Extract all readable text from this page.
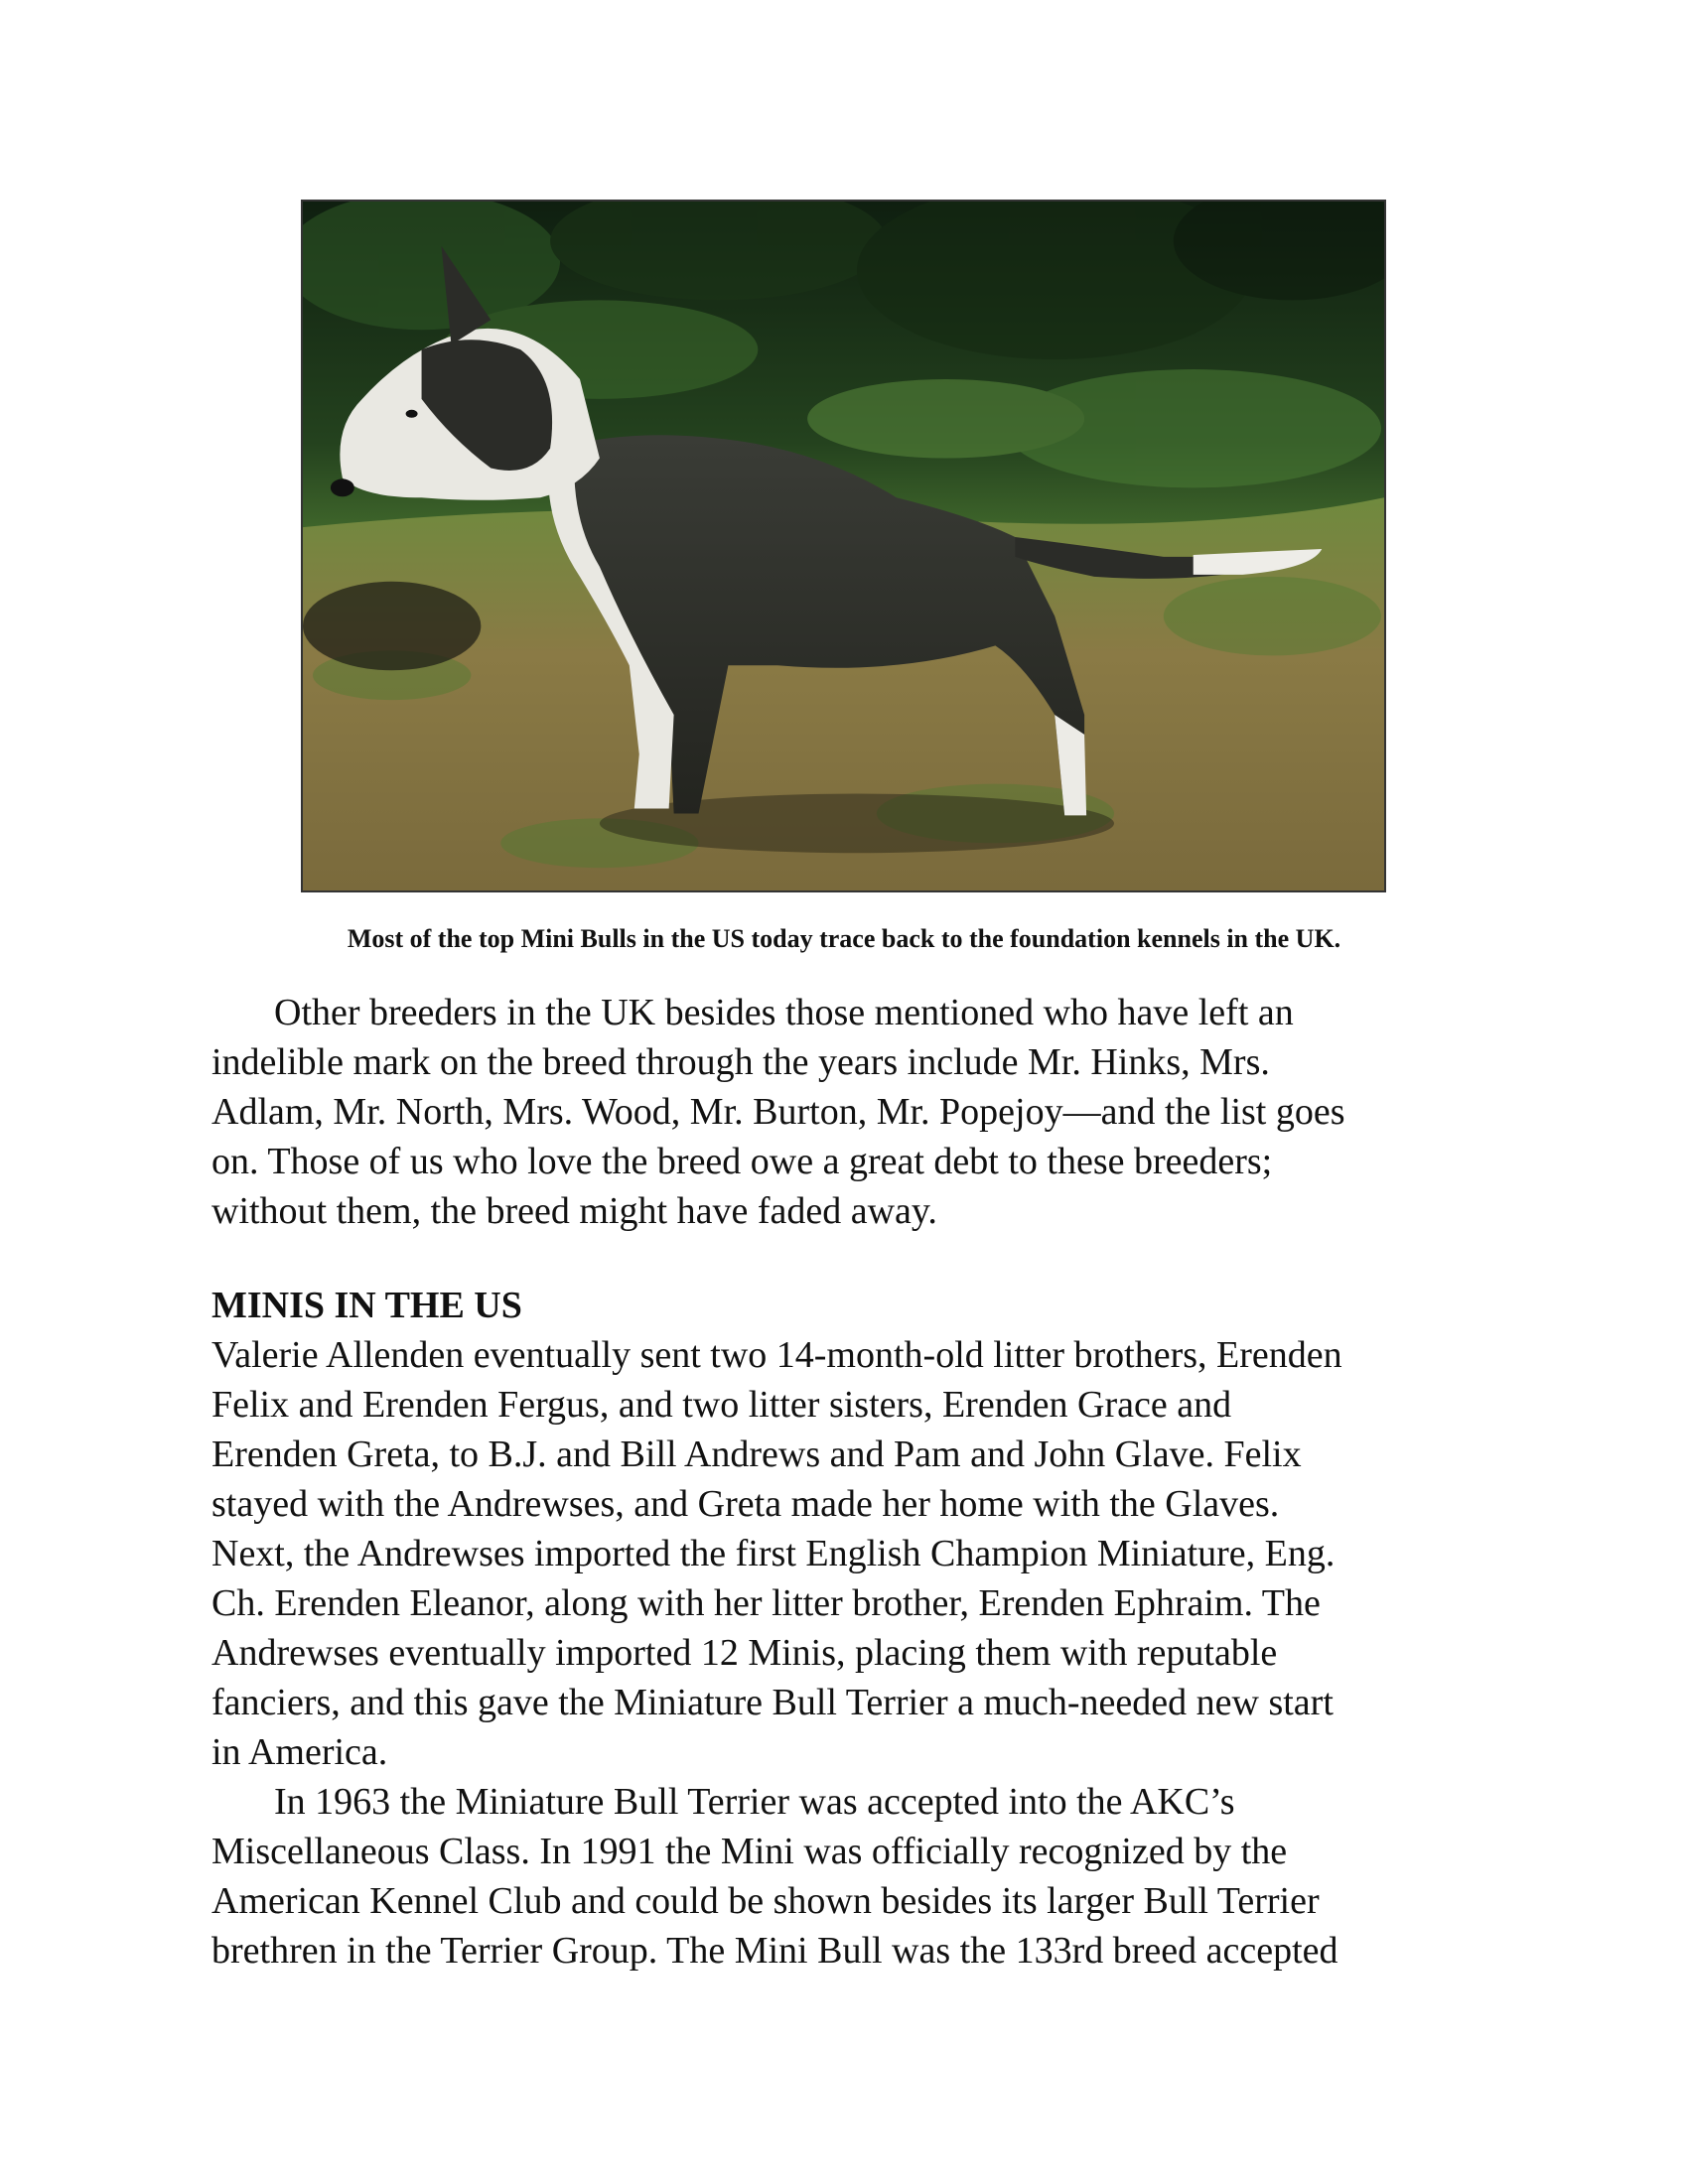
Most of the top Mini Bulls in the US today trace back to the foundation kennels in the UK.
Other breeders in the UK besides those mentioned who have left an
indelible mark on the breed through the years include Mr. Hinks, Mrs.
Adlam, Mr. North, Mrs. Wood, Mr. Burton, Mr. Popejoy—and the list goes
on. Those of us who love the breed owe a great debt to these breeders;
without them, the breed might have faded away.
MINIS IN THE US
Valerie Allenden eventually sent two 14-month-old litter brothers, Erenden
Felix and Erenden Fergus, and two litter sisters, Erenden Grace and
Erenden Greta, to B.J. and Bill Andrews and Pam and John Glave. Felix
stayed with the Andrewses, and Greta made her home with the Glaves.
Next, the Andrewses imported the first English Champion Miniature, Eng.
Ch. Erenden Eleanor, along with her litter brother, Erenden Ephraim. The
Andrewses eventually imported 12 Minis, placing them with reputable
fanciers, and this gave the Miniature Bull Terrier a much-needed new start
in America.
In 1963 the Miniature Bull Terrier was accepted into the AKC’s
Miscellaneous Class. In 1991 the Mini was officially recognized by the
American Kennel Club and could be shown besides its larger Bull Terrier
brethren in the Terrier Group. The Mini Bull was the 133rd breed accepted
